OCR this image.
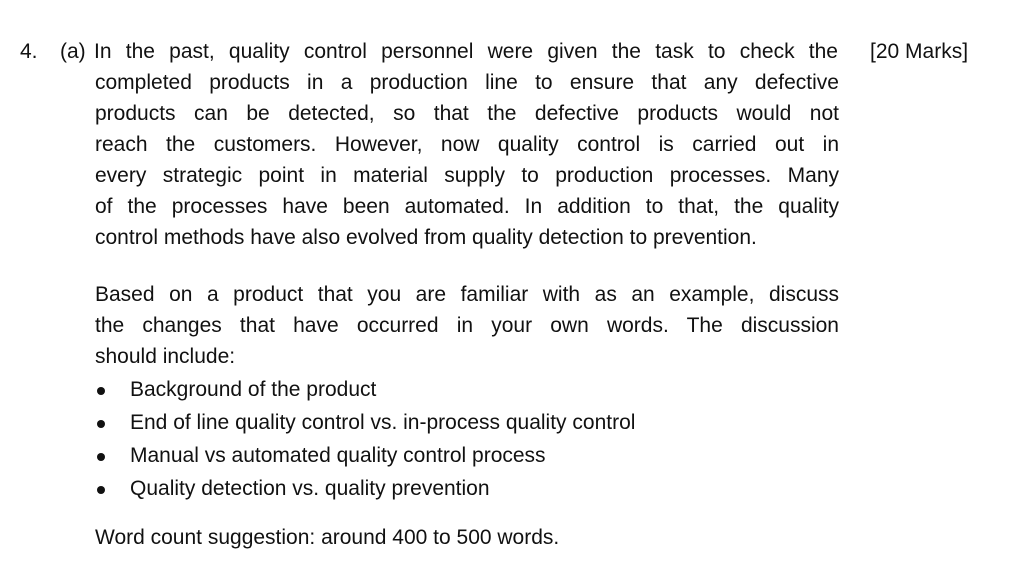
4. (a)	[20 Marks]
In the past, quality control personnel were given the task to check the
completed products in a production line to ensure that any defective
products can be detected, so that the defective products would not
reach the customers. However, now quality control is carried out in
every strategic point in material supply to production processes. Many
of the processes have been automated. In addition to that, the quality
control methods have also evolved from quality detection to prevention.
Based on a product that you are familiar with as an example, discuss
the changes that have occurred in your own words. The discussion
should include:
Background of the product
End of line quality control vs. in-process quality control
Manual vs automated quality control process
Quality detection vs. quality prevention

Word count suggestion: around 400 to 500 words.
